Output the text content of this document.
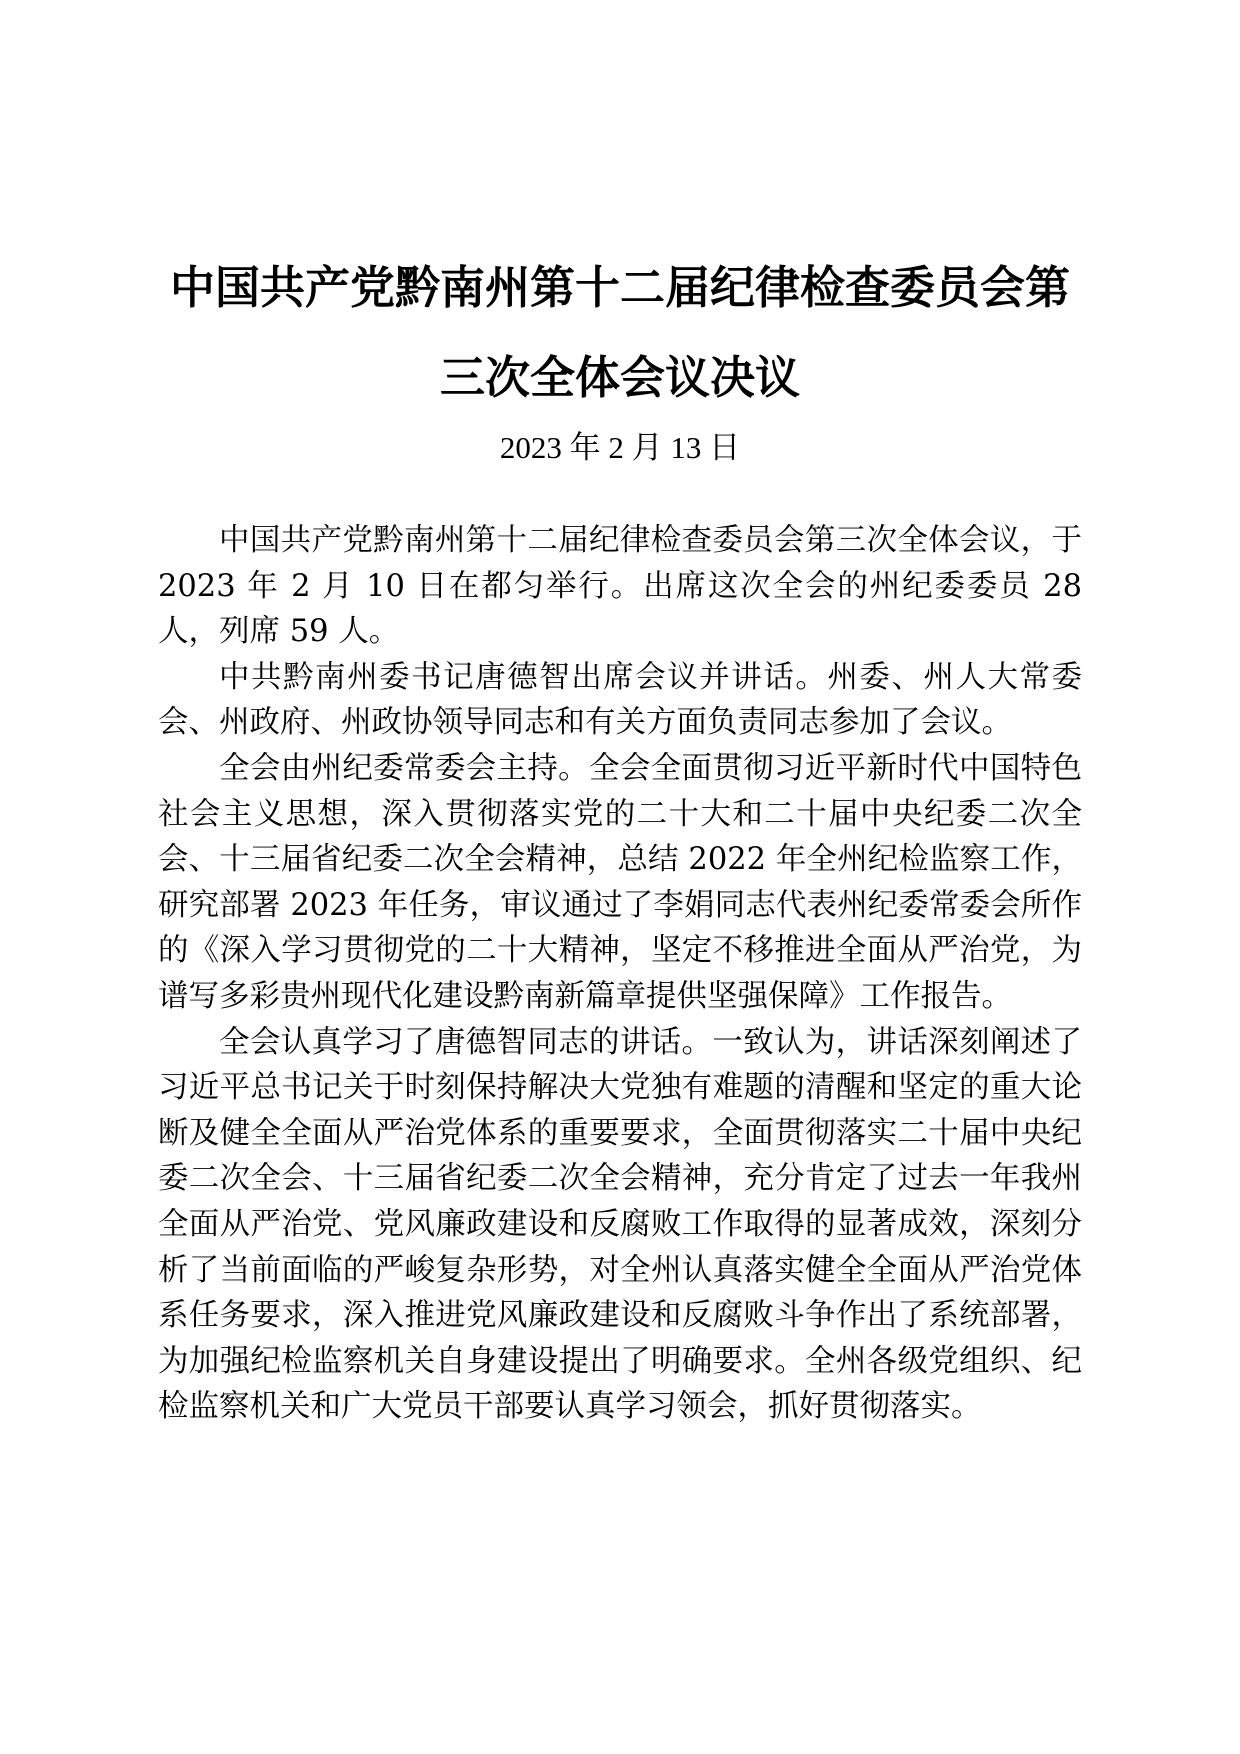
中国共产党黔南州第十二届纪律检查委员会第
三次全体会议决议
2023 年 2 月 13 日

中国共产党黔南州第十二届纪律检查委员会第三次全体会议，于 2023 年 2 月 10 日在都匀举行。出席这次全会的州纪委委员 28 人，列席 59 人。

中共黔南州委书记唐德智出席会议并讲话。州委、州人大常委会、州政府、州政协领导同志和有关方面负责同志参加了会议。

全会由州纪委常委会主持。全会全面贯彻习近平新时代中国特色社会主义思想，深入贯彻落实党的二十大和二十届中央纪委二次全会、十三届省纪委二次全会精神，总结 2022 年全州纪检监察工作，研究部署 2023 年任务，审议通过了李娟同志代表州纪委常委会所作的《深入学习贯彻党的二十大精神，坚定不移推进全面从严治党，为谱写多彩贵州现代化建设黔南新篇章提供坚强保障》工作报告。

全会认真学习了唐德智同志的讲话。一致认为，讲话深刻阐述了习近平总书记关于时刻保持解决大党独有难题的清醒和坚定的重大论断及健全全面从严治党体系的重要要求，全面贯彻落实二十届中央纪委二次全会、十三届省纪委二次全会精神，充分肯定了过去一年我州全面从严治党、党风廉政建设和反腐败工作取得的显著成效，深刻分析了当前面临的严峻复杂形势，对全州认真落实健全全面从严治党体系任务要求，深入推进党风廉政建设和反腐败斗争作出了系统部署，为加强纪检监察机关自身建设提出了明确要求。全州各级党组织、纪检监察机关和广大党员干部要认真学习领会，抓好贯彻落实。
